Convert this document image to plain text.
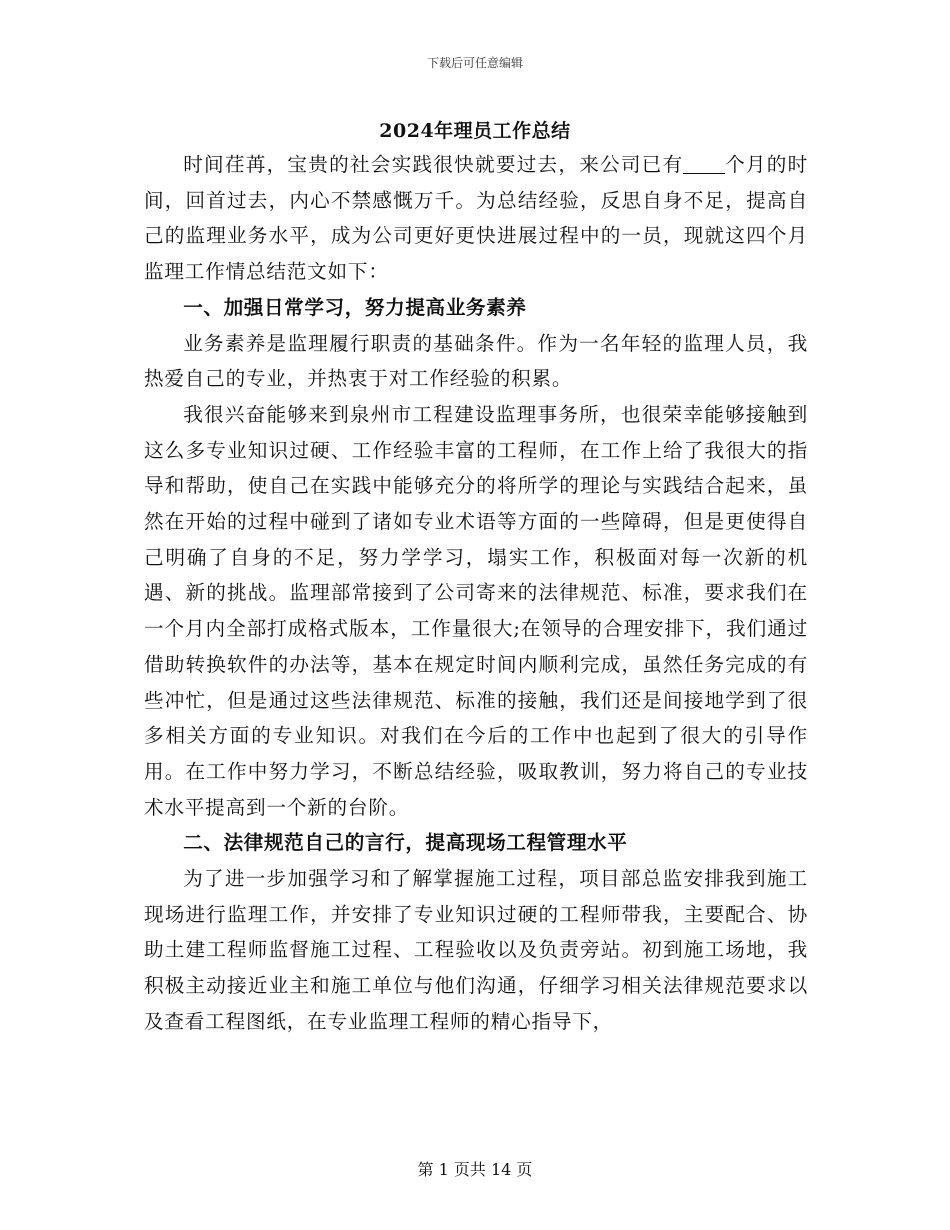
下载后可任意编辑
2024年理员工作总结

时间荏苒，宝贵的社会实践很快就要过去，来公司已有 个月的时间，回首过去，内心不禁感慨万千。为总结经验，反思自身不足，提高自己的监理业务水平，成为公司更好更快进展过程中的一员，现就这四个月监理工作情总结范文如下：

一、加强日常学习，努力提高业务素养

业务素养是监理履行职责的基础条件。作为一名年轻的监理人员，我热爱自己的专业，并热衷于对工作经验的积累。

我很兴奋能够来到泉州市工程建设监理事务所，也很荣幸能够接触到这么多专业知识过硬、工作经验丰富的工程师，在工作上给了我很大的指导和帮助，使自己在实践中能够充分的将所学的理论与实践结合起来，虽然在开始的过程中碰到了诸如专业术语等方面的一些障碍，但是更使得自己明确了自身的不足，努力学学习，塌实工作，积极面对每一次新的机遇、新的挑战。监理部常接到了公司寄来的法律规范、标准，要求我们在一个月内全部打成格式版本，工作量很大;在领导的合理安排下，我们通过借助转换软件的办法等，基本在规定时间内顺利完成，虽然任务完成的有些冲忙，但是通过这些法律规范、标准的接触，我们还是间接地学到了很多相关方面的专业知识。对我们在今后的工作中也起到了很大的引导作用。在工作中努力学习，不断总结经验，吸取教训，努力将自己的专业技术水平提高到一个新的台阶。

二、法律规范自己的言行，提高现场工程管理水平

为了进一步加强学习和了解掌握施工过程，项目部总监安排我到施工现场进行监理工作，并安排了专业知识过硬的工程师带我，主要配合、协助土建工程师监督施工过程、工程验收以及负责旁站。初到施工场地，我积极主动接近业主和施工单位与他们沟通，仔细学习相关法律规范要求以及查看工程图纸，在专业监理工程师的精心指导下，

第 1 页共 14 页
